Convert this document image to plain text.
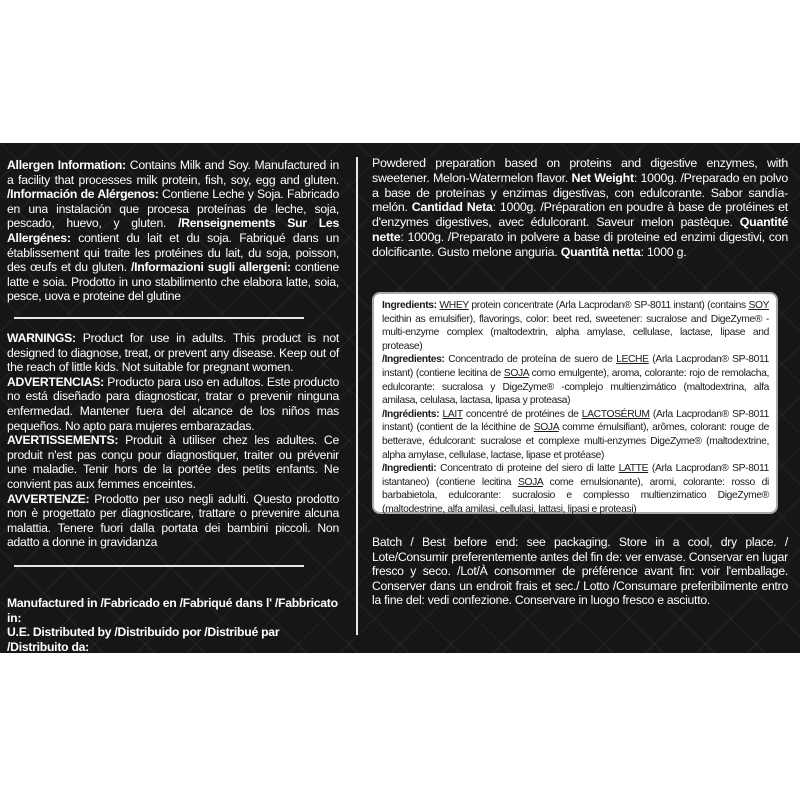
Allergen Information: Contains Milk and Soy. Manufactured in a facility that processes milk protein, fish, soy, egg and gluten. /Información de Alérgenos: Contiene Leche y Soja. Fabricado en una instalación que procesa proteínas de leche, soja, pescado, huevo, y gluten. /Renseignements Sur Les Allergénes: contient du lait et du soja. Fabriqué dans un établissement qui traite les protéines du lait, du soja, poisson, des œufs et du gluten. /Informazioni sugli allergeni: contiene latte e soia. Prodotto in uno stabilimento che elabora latte, soia, pesce, uova e proteine del glutine

WARNINGS: Product for use in adults. This product is not designed to diagnose, treat, or prevent any disease. Keep out of the reach of little kids. Not suitable for pregnant women.

ADVERTENCIAS: Producto para uso en adultos. Este producto no está diseñado para diagnosticar, tratar o prevenir ninguna enfermedad. Mantener fuera del alcance de los niños mas pequeños. No apto para mujeres embarazadas.

AVERTISSEMENTS: Produit à utiliser chez les adultes. Ce produit n'est pas conçu pour diagnostiquer, traiter ou prévenir une maladie. Tenir hors de la portée des petits enfants. Ne convient pas aux femmes enceintes.

AVVERTENZE: Prodotto per uso negli adulti. Questo prodotto non è progettato per diagnosticare, trattare o prevenire alcuna malattia. Tenere fuori dalla portata dei bambini piccoli. Non adatto a donne in gravidanza

Manufactured in /Fabricado en /Fabriqué dans l' /Fabbricato in:

U.E. Distributed by /Distribuido por /Distribué par /Distribuito da:

Powdered preparation based on proteins and digestive enzymes, with sweetener. Melon-Watermelon flavor. Net Weight: 1000g. /Preparado en polvo a base de proteínas y enzimas digestivas, con edulcorante. Sabor sandía-melón. Cantidad Neta: 1000g. /Préparation en poudre à base de protéines et d'enzymes digestives, avec édulcorant. Saveur melon pastèque. Quantité nette: 1000g. /Preparato in polvere a base di proteine ed enzimi digestivi, con dolcificante. Gusto melone anguria. Quantità netta: 1000 g.

Ingredients: WHEY protein concentrate (Arla Lacprodan® SP-8011 instant) (contains SOY lecithin as emulsifier), flavorings, color: beet red, sweetener: sucralose and DigeZyme® -multi-enzyme complex (maltodextrin, alpha amylase, cellulase, lactase, lipase and protease)

/Ingredientes: Concentrado de proteína de suero de LECHE (Arla Lacprodan® SP-8011 instant) (contiene lecitina de SOJA como emulgente), aroma, colorante: rojo de remolacha, edulcorante: sucralosa y DigeZyme® -complejo multienzimático (maltodextrina, alfa amilasa, celulasa, lactasa, lipasa y proteasa)

/Ingrédients: LAIT concentré de protéines de LACTOSÉRUM (Arla Lacprodan® SP-8011 instant) (contient de la lécithine de SOJA comme émulsifiant), arômes, colorant: rouge de betterave, édulcorant: sucralose et complexe multi-enzymes DigeZyme® (maltodextrine, alpha amylase, cellulase, lactase, lipase et protéase)

/Ingredienti: Concentrato di proteine del siero di latte LATTE (Arla Lacprodan® SP-8011 istantaneo) (contiene lecitina SOJA come emulsionante), aromi, colorante: rosso di barbabietola, edulcorante: sucralosio e complesso multienzimatico DigeZyme® (maltodestrine, alfa amilasi, cellulasi, lattasi, lipasi e proteasi)

Batch / Best before end: see packaging. Store in a cool, dry place. / Lote/Consumir preferentemente antes del fin de: ver envase. Conservar en lugar fresco y seco. /Lot/À consommer de préférence avant fin: voir l'emballage. Conserver dans un endroit frais et sec./ Lotto /Consumare preferibilmente entro la fine del: vedi confezione. Conservare in luogo fresco e asciutto.
